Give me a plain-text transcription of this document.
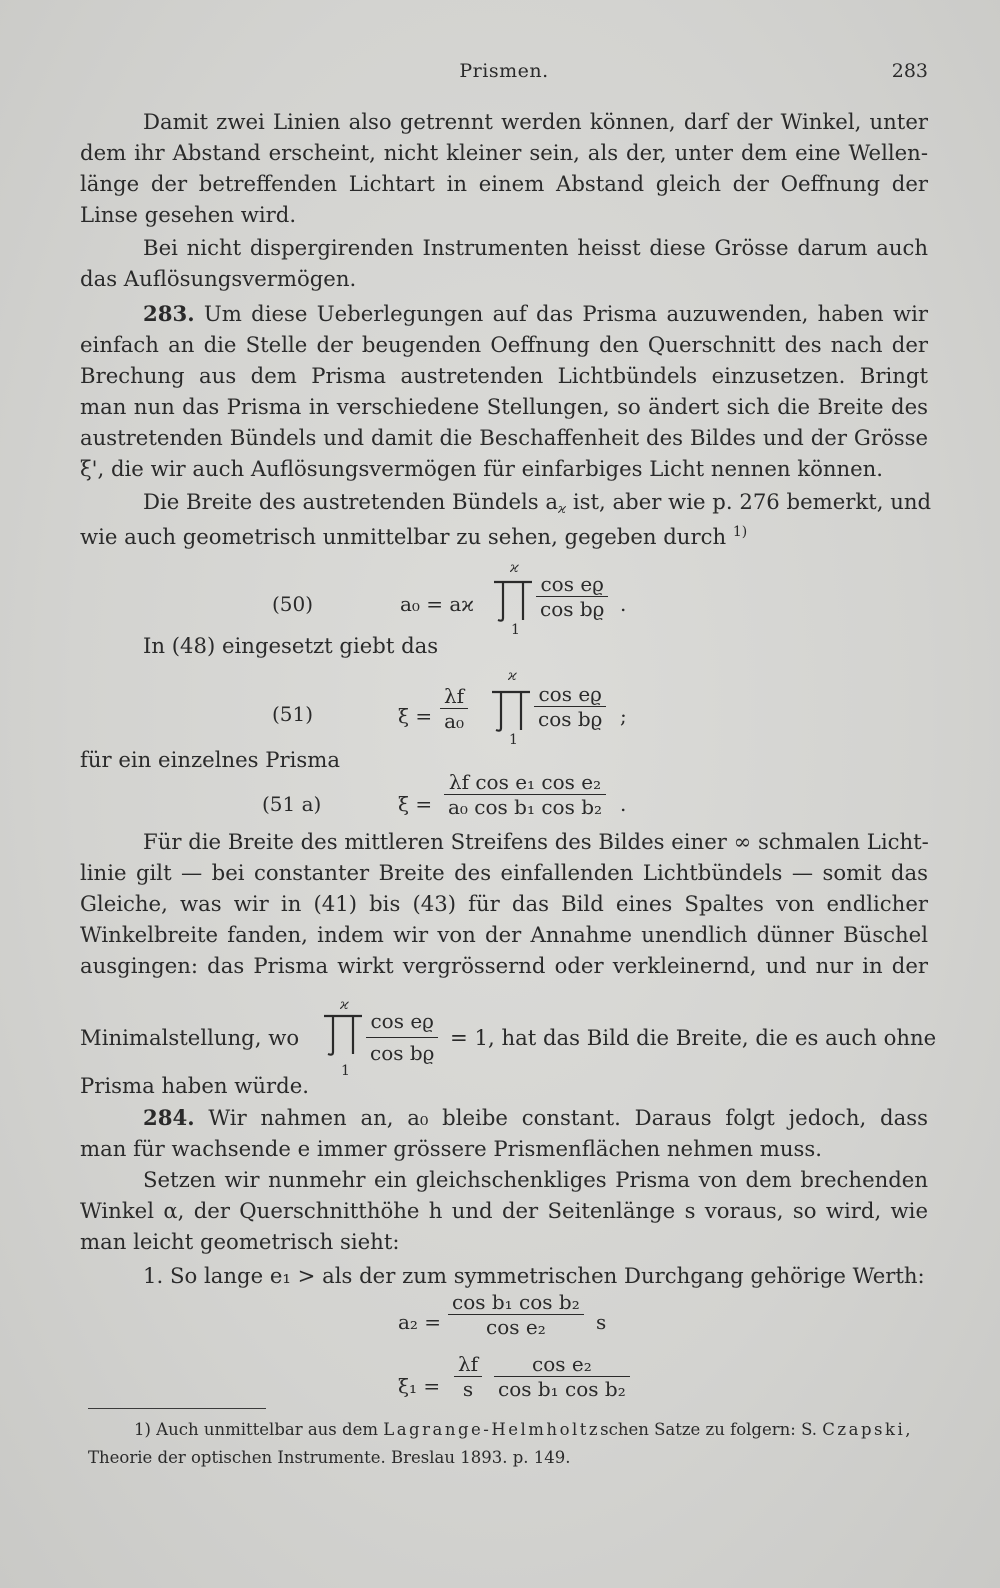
Prismen.	283
Damit zwei Linien also getrennt werden können, darf der Winkel, unter
dem ihr Abstand erscheint, nicht kleiner sein, als der, unter dem eine Wellen-
länge der betreffenden Lichtart in einem Abstand gleich der Oeffnung der
Linse gesehen wird.
Bei nicht dispergirenden Instrumenten heisst diese Grösse darum auch
das Auflösungsvermögen.
283. Um diese Ueberlegungen auf das Prisma auzuwenden, haben wir
einfach an die Stelle der beugenden Oeffnung den Querschnitt des nach der
Brechung aus dem Prisma austretenden Lichtbündels einzusetzen. Bringt
man nun das Prisma in verschiedene Stellungen, so ändert sich die Breite des
austretenden Bündels und damit die Beschaffenheit des Bildes und der Grösse
ξ', die wir auch Auflösungsvermögen für einfarbiges Licht nennen können.
Die Breite des austretenden Bündels $a_ϰ$ ist, aber wie p. 276 bemerkt, und
wie auch geometrisch unmittelbar zu sehen, gegeben durch $^{1)}$
(50)	a₀ = aϰ
ϰ
1
$\frac{\text{cos eϱ}}{\text{cos bϱ}}$ .
In (48) eingesetzt giebt das
(51)	$\xi = \frac{\lambda f}{\text{a₀}}$
ϰ
1
$\frac{\text{cos eϱ}}{\text{cos bϱ}}$ ;
für ein einzelnes Prisma
(51 a)	$\xi = \frac{\text{λf cos e₁ cos e₂}}{\text{a₀ cos b₁ cos b₂}}$ .
Für die Breite des mittleren Streifens des Bildes einer ∞ schmalen Licht-
linie gilt — bei constanter Breite des einfallenden Lichtbündels — somit das
Gleiche, was wir in (41) bis (43) für das Bild eines Spaltes von endlicher
Winkelbreite fanden, indem wir von der Annahme unendlich dünner Büschel
ausgingen: das Prisma wirkt vergrössernd oder verkleinernd, und nur in der
Minimalstellung, wo
ϰ
1
$\frac{\text{cos eϱ}}{\text{cos bϱ}} = 1$, hat das Bild die Breite, die es auch ohne
Prisma haben würde.
284. Wir nahmen an, a₀ bleibe constant. Daraus folgt jedoch, dass
man für wachsende e immer grössere Prismenflächen nehmen muss.
Setzen wir nunmehr ein gleichschenkliges Prisma von dem brechenden
Winkel α, der Querschnitthöhe h und der Seitenlänge s voraus, so wird, wie
man leicht geometrisch sieht:
1. So lange e₁ > als der zum symmetrischen Durchgang gehörige Werth:
$a_2 = \frac{\text{cos b₁ cos b₂}}{\text{cos e₂}}$ s
$\xi_1 = \frac{\lambda f}{s} \frac{\text{cos e₂}}{\text{cos b₁ cos b₂}}$
1) Auch unmittelbar aus dem Lagrange-Helmholtzschen Satze zu folgern: S. Czapski,
Theorie der optischen Instrumente. Breslau 1893. p. 149.
